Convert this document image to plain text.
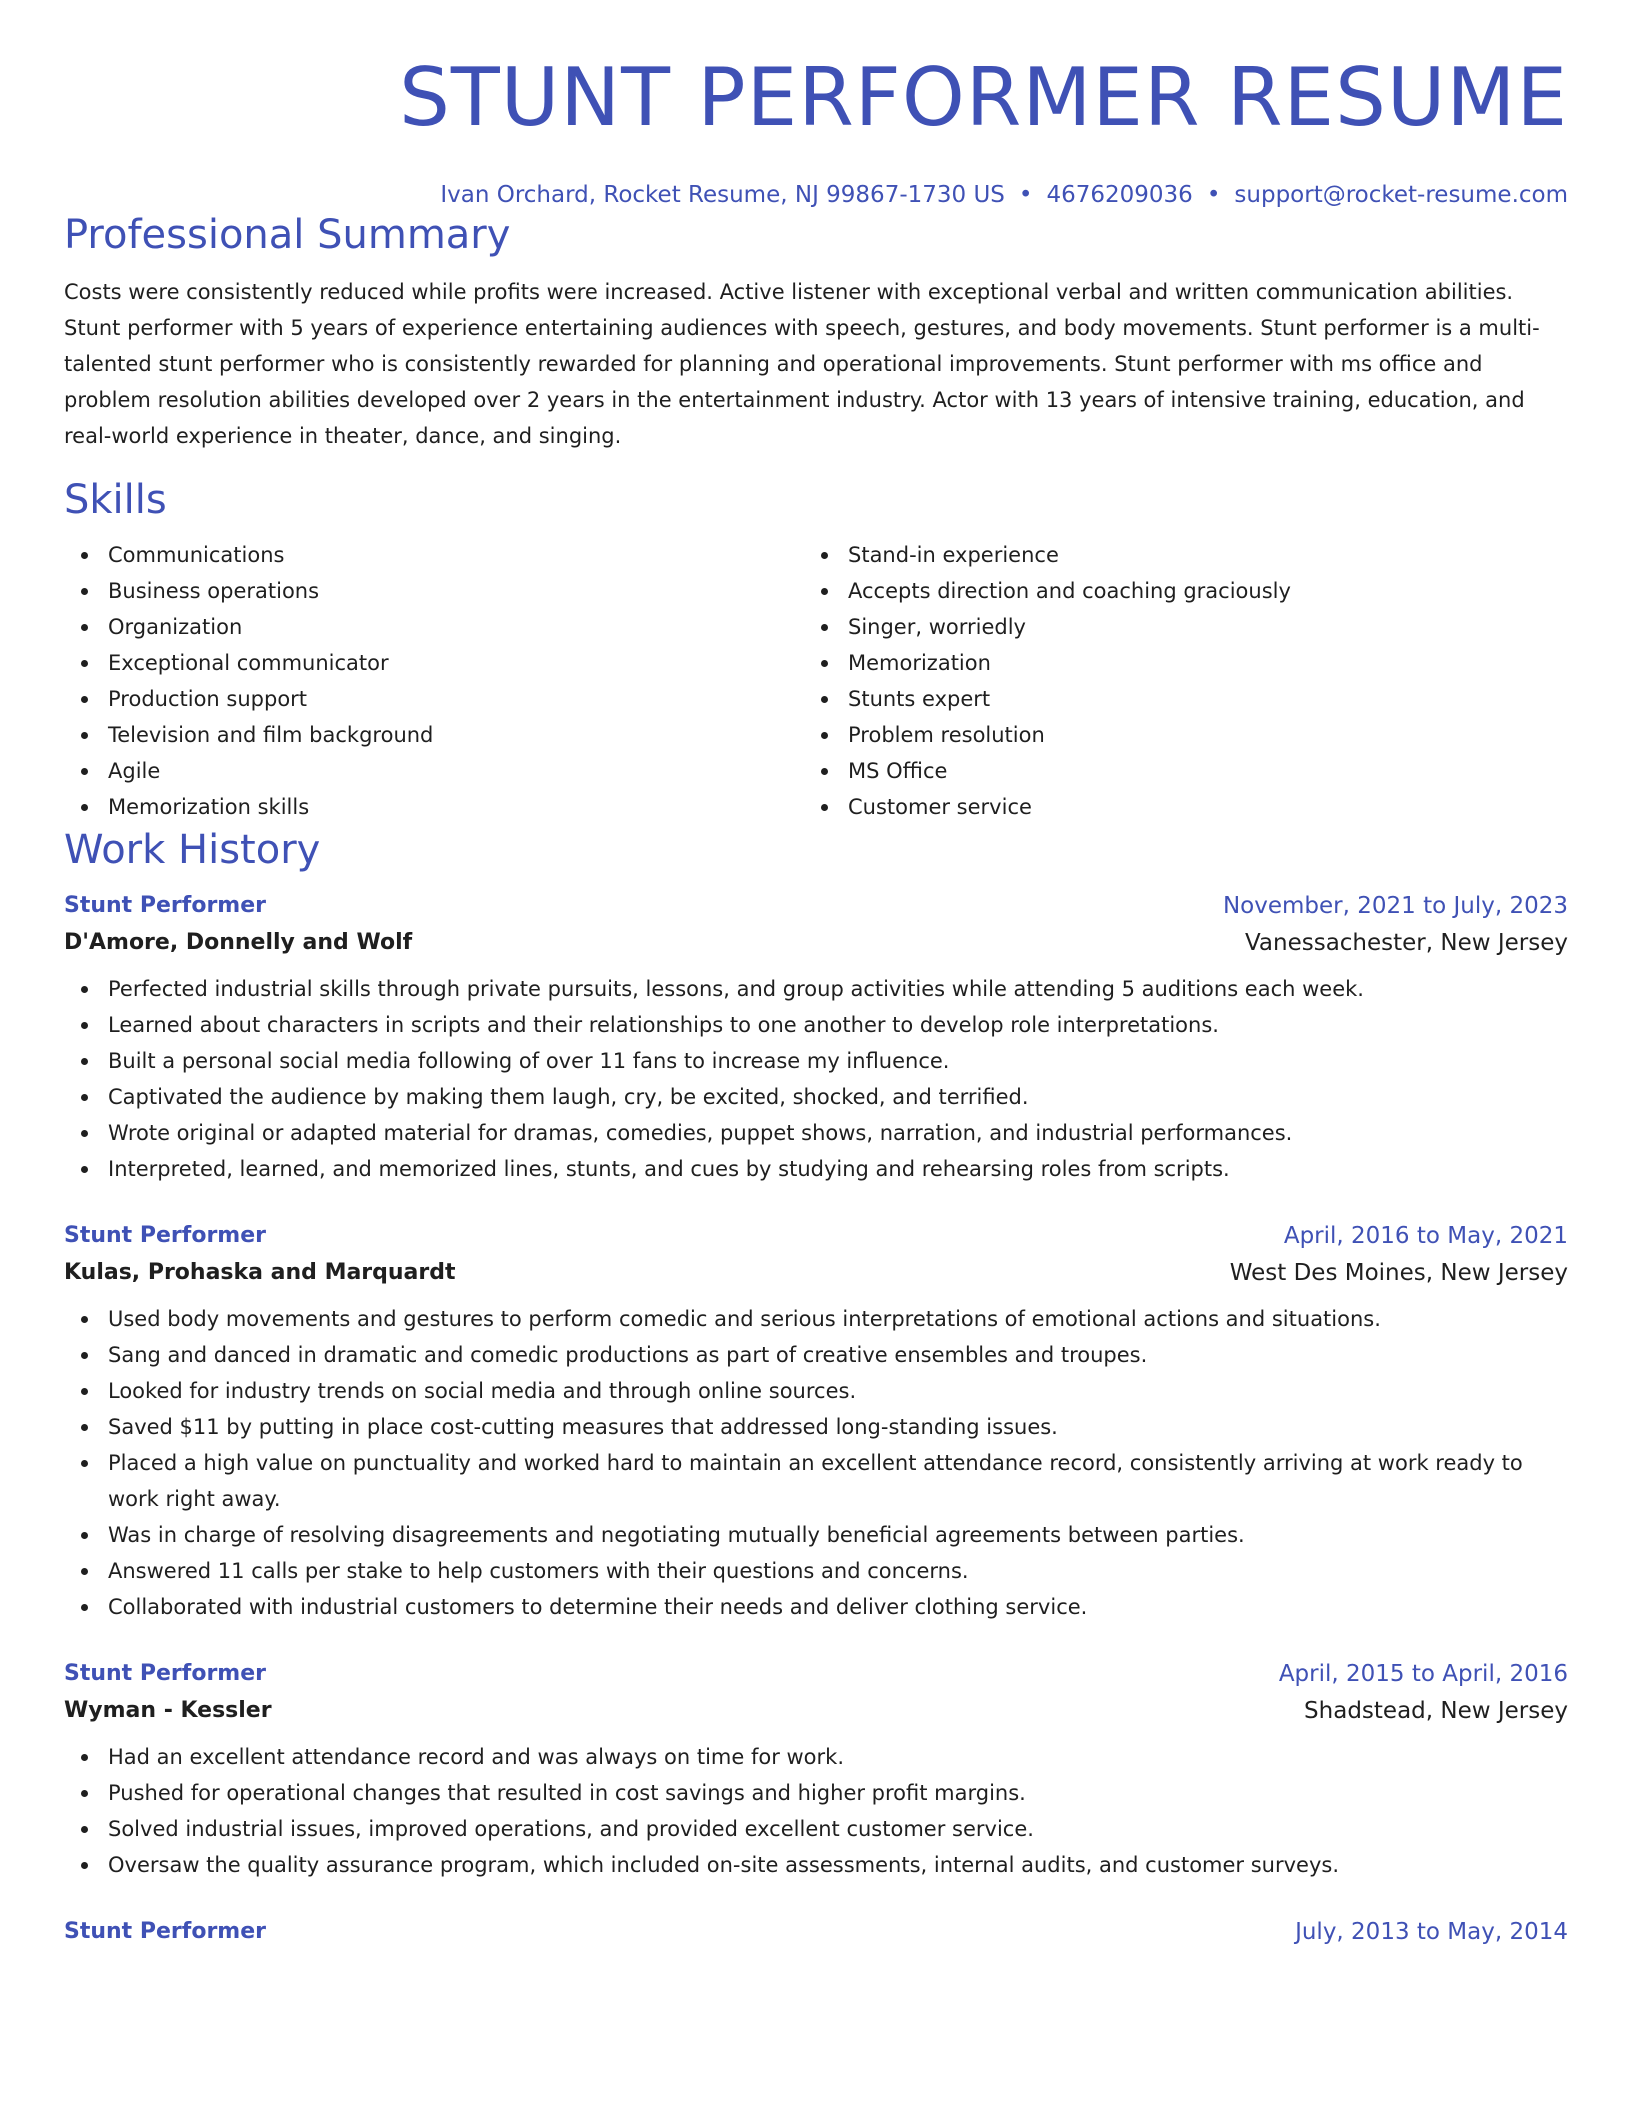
STUNT PERFORMER RESUME
Ivan Orchard, Rocket Resume, NJ 99867-1730 US • 4676209036 • support@rocket-resume.com
Professional Summary

Costs were consistently reduced while profits were increased. Active listener with exceptional verbal and written communication abilities. Stunt performer with 5 years of experience entertaining audiences with speech, gestures, and body movements. Stunt performer is a multi-talented stunt performer who is consistently rewarded for planning and operational improvements. Stunt performer with ms office and problem resolution abilities developed over 2 years in the entertainment industry. Actor with 13 years of intensive training, education, and real-world experience in theater, dance, and singing.

Skills
Communications
Business operations
Organization
Exceptional communicator
Production support
Television and film background
Agile
Memorization skills
Stand-in experience
Accepts direction and coaching graciously
Singer, worriedly
Memorization
Stunts expert
Problem resolution
MS Office
Customer service
Work History
Stunt Performer	November, 2021 to July, 2023
D'Amore, Donnelly and Wolf	Vanessachester, New Jersey
Perfected industrial skills through private pursuits, lessons, and group activities while attending 5 auditions each week.
Learned about characters in scripts and their relationships to one another to develop role interpretations.
Built a personal social media following of over 11 fans to increase my influence.
Captivated the audience by making them laugh, cry, be excited, shocked, and terrified.
Wrote original or adapted material for dramas, comedies, puppet shows, narration, and industrial performances.
Interpreted, learned, and memorized lines, stunts, and cues by studying and rehearsing roles from scripts.
Stunt Performer	April, 2016 to May, 2021
Kulas, Prohaska and Marquardt	West Des Moines, New Jersey
Used body movements and gestures to perform comedic and serious interpretations of emotional actions and situations.
Sang and danced in dramatic and comedic productions as part of creative ensembles and troupes.
Looked for industry trends on social media and through online sources.
Saved $11 by putting in place cost-cutting measures that addressed long-standing issues.
Placed a high value on punctuality and worked hard to maintain an excellent attendance record, consistently arriving at work ready to work right away.
Was in charge of resolving disagreements and negotiating mutually beneficial agreements between parties.
Answered 11 calls per stake to help customers with their questions and concerns.
Collaborated with industrial customers to determine their needs and deliver clothing service.
Stunt Performer	April, 2015 to April, 2016
Wyman - Kessler	Shadstead, New Jersey
Had an excellent attendance record and was always on time for work.
Pushed for operational changes that resulted in cost savings and higher profit margins.
Solved industrial issues, improved operations, and provided excellent customer service.
Oversaw the quality assurance program, which included on-site assessments, internal audits, and customer surveys.
Stunt Performer	July, 2013 to May, 2014
